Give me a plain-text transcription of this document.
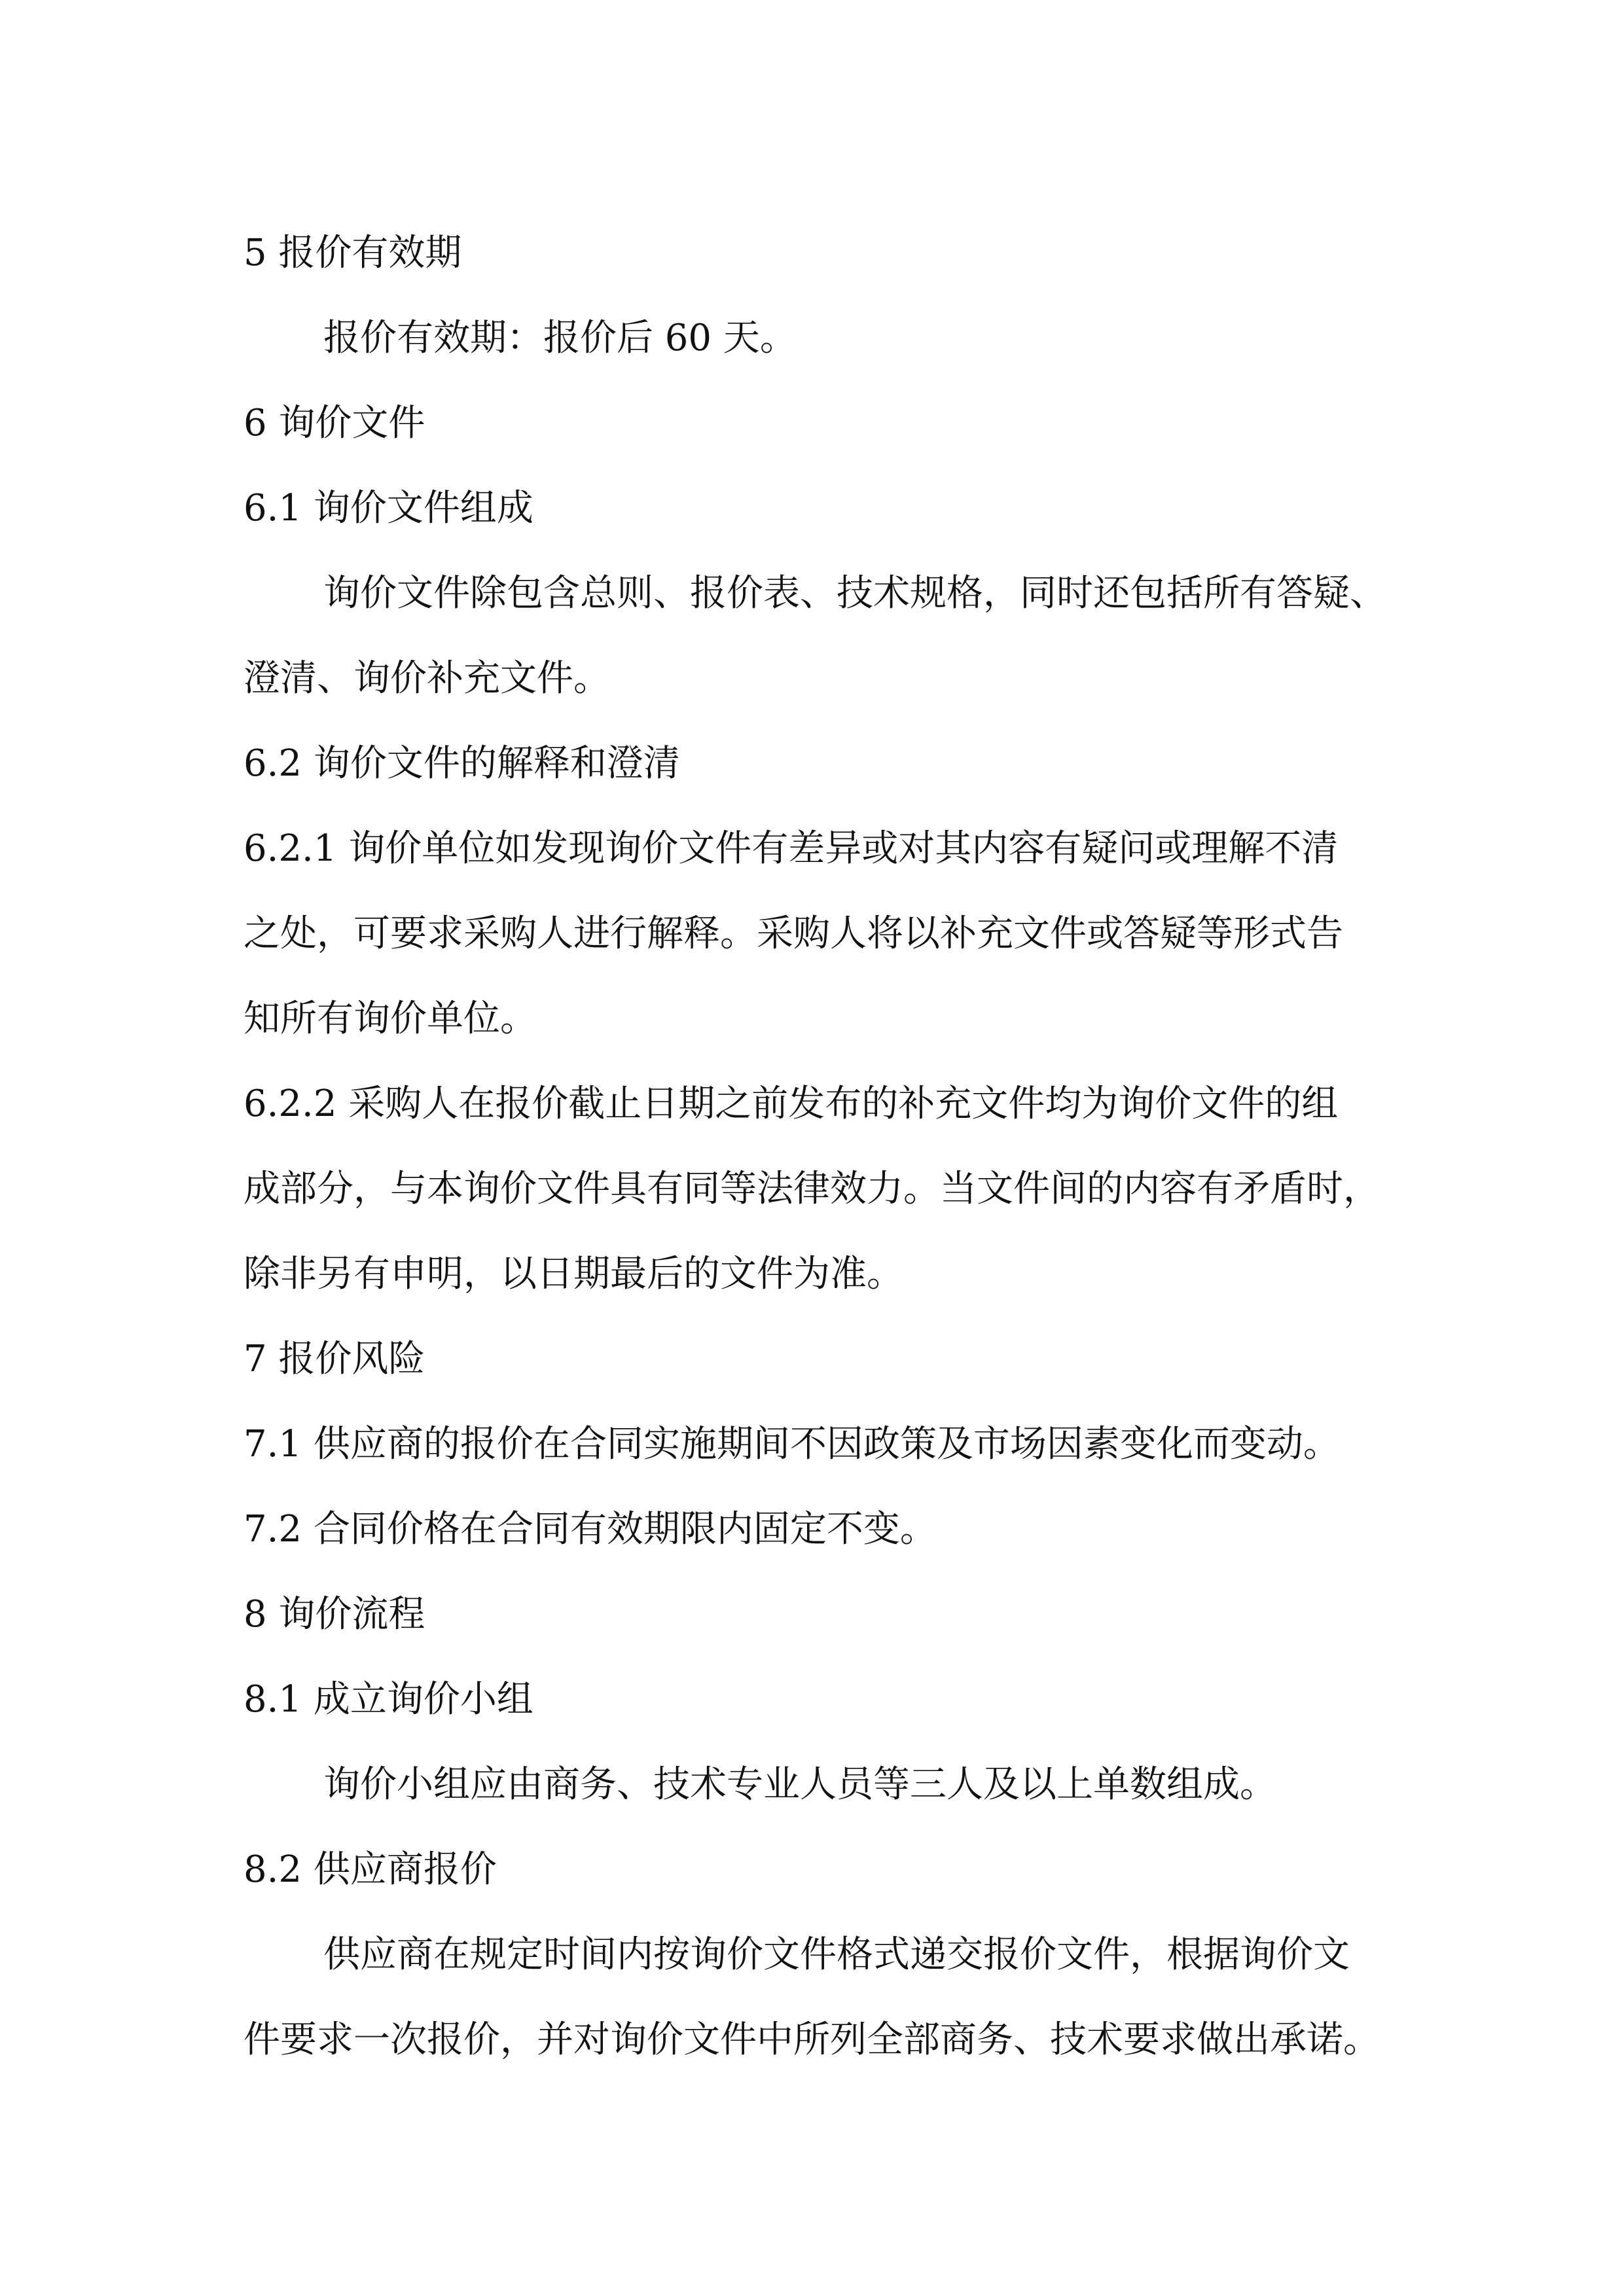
5 报价有效期
报价有效期：报价后 60 天。
6 询价文件
6.1 询价文件组成
询价文件除包含总则、报价表、技术规格，同时还包括所有答疑、
澄清、询价补充文件。
6.2 询价文件的解释和澄清
6.2.1 询价单位如发现询价文件有差异或对其内容有疑问或理解不清
之处，可要求采购人进行解释。采购人将以补充文件或答疑等形式告
知所有询价单位。
6.2.2 采购人在报价截止日期之前发布的补充文件均为询价文件的组
成部分，与本询价文件具有同等法律效力。当文件间的内容有矛盾时，
除非另有申明，以日期最后的文件为准。
7 报价风险
7.1 供应商的报价在合同实施期间不因政策及市场因素变化而变动。
7.2 合同价格在合同有效期限内固定不变。
8 询价流程
8.1 成立询价小组
询价小组应由商务、技术专业人员等三人及以上单数组成。
8.2 供应商报价
供应商在规定时间内按询价文件格式递交报价文件，根据询价文
件要求一次报价，并对询价文件中所列全部商务、技术要求做出承诺。
